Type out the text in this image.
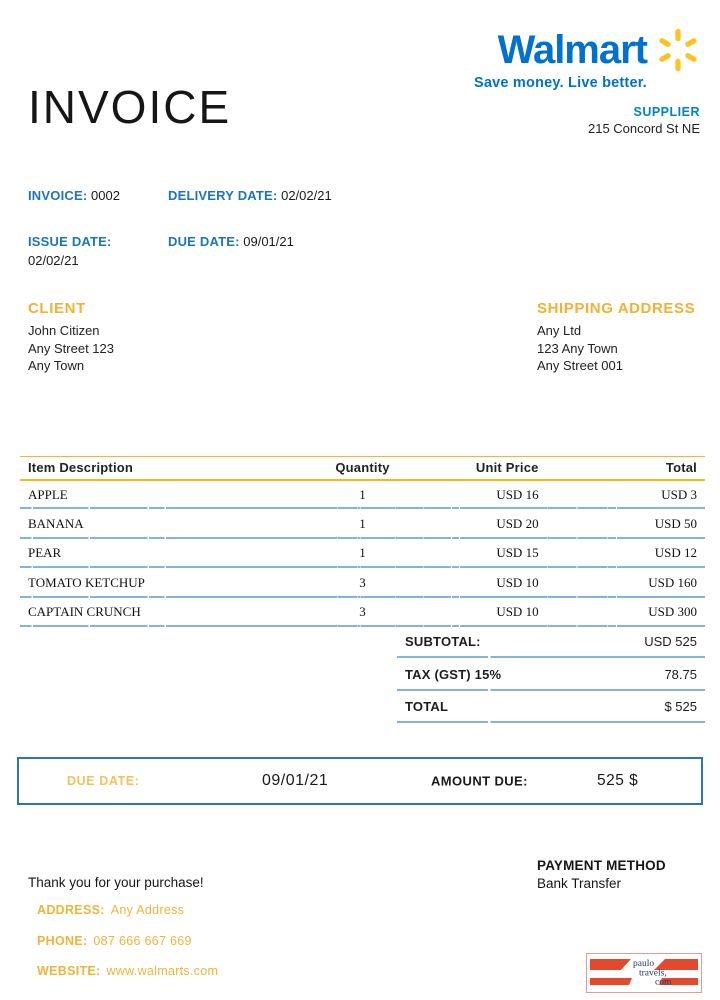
Walmart
Save money. Live better.
SUPPLIER
215 Concord St NE
INVOICE
INVOICE: 0002	DELIVERY DATE: 02/02/21
ISSUE DATE:
02/02/21
DUE DATE: 09/01/21
CLIENT
John Citizen
Any Street 123
Any Town
SHIPPING ADDRESS
Any Ltd
123 Any Town
Any Street 001
Item Description	Quantity	Unit Price	Total
APPLE	1	USD 16	USD 3
BANANA	1	USD 20	USD 50
PEAR	1	USD 15	USD 12
TOMATO KETCHUP	3	USD 10	USD 160
CAPTAIN CRUNCH	3	USD 10	USD 300
SUBTOTAL:	USD 525
TAX (GST) 15%	78.75
TOTAL	$ 525
DUE DATE:	09/01/21	AMOUNT DUE:	525 $
Thank you for your purchase!
ADDRESS: Any Address
PHONE: 087 666 667 669
WEBSITE: www.walmarts.com
PAYMENT METHOD
Bank Transfer
paulo
travels,
com
